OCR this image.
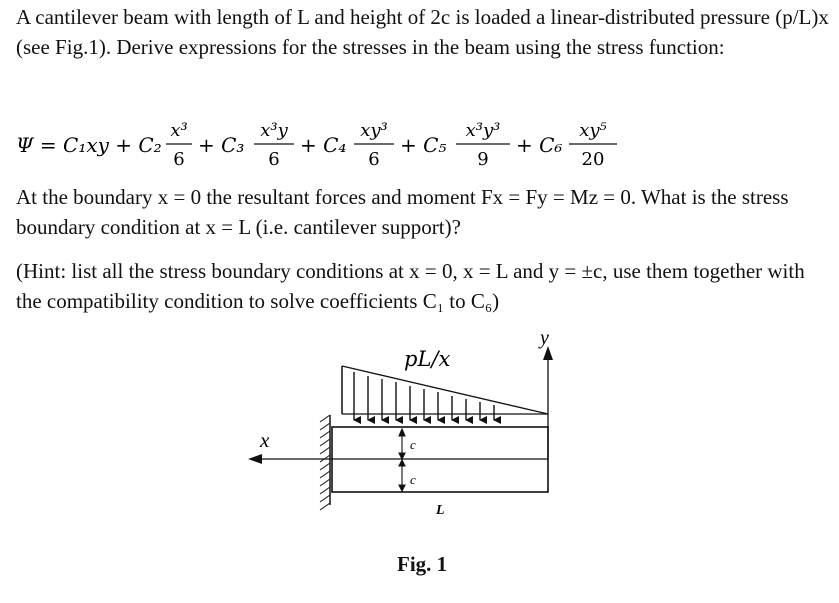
A cantilever beam with length of L and height of 2c is loaded a linear-distributed pressure (p/L)x (see Fig.1). Derive expressions for the stresses in the beam using the stress function:

Ψ = C₁xy + C₂
x³
6
+ C₃
x³y
6
+ C₄
xy³
6
+ C₅
x³y³
9
+ C₆
xy⁵
20

At the boundary x = 0 the resultant forces and moment Fx = Fy = Mz = 0. What is the stress boundary condition at x = L (i.e. cantilever support)?

(Hint: list all the stress boundary conditions at x = 0, x = L and y = ±c, use them together with the compatibility condition to solve coefficients C₁ to C₆)

pL/x
y
x	c
c
L
Fig. 1
